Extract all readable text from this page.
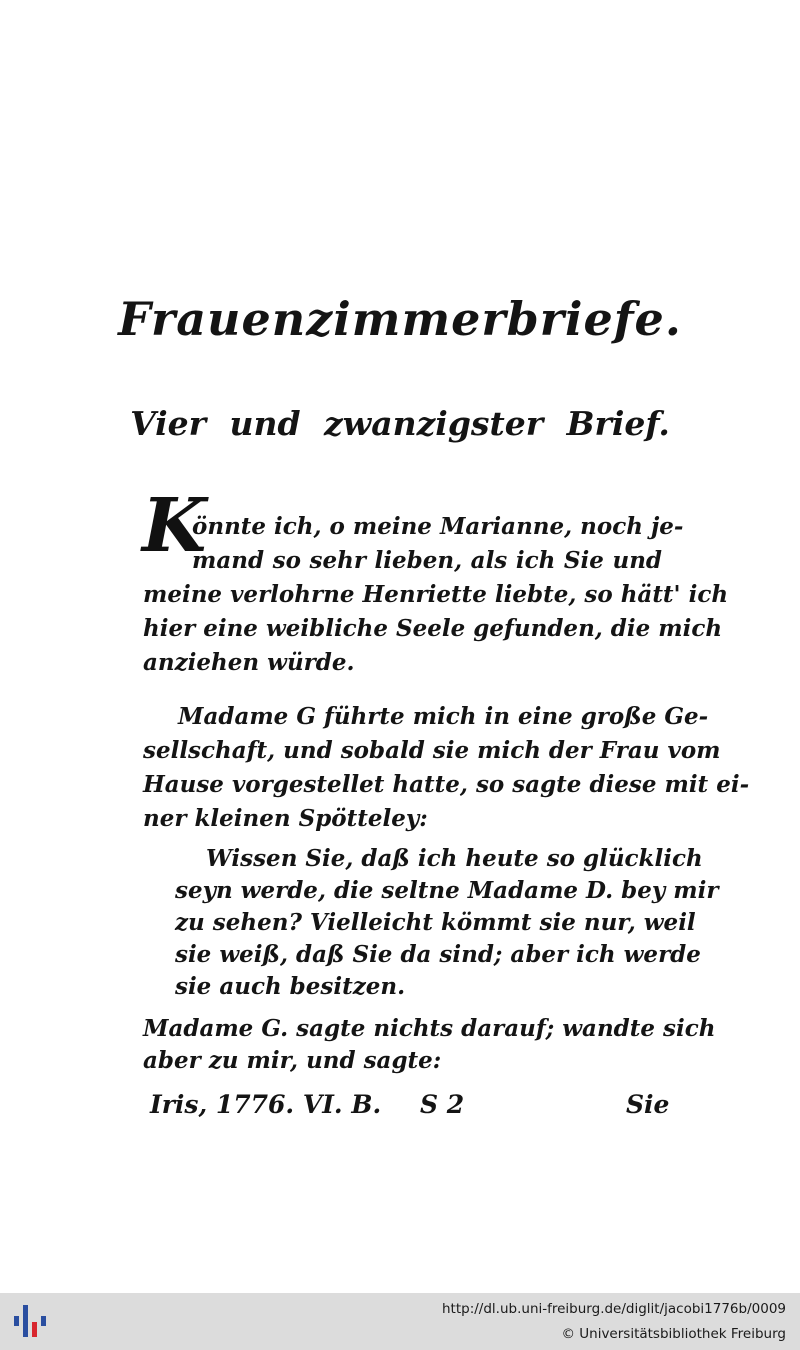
Frauenzimmerbriefe.
Vier und zwanzigster Brief.
K
önnte ich, o meine Marianne, noch je-
mand so sehr lieben, als ich Sie und
meine verlohrne Henriette liebte, so hätt' ich
hier eine weibliche Seele gefunden, die mich
anziehen würde.
Madame G führte mich in eine große Ge-
sellschaft, und sobald sie mich der Frau vom
Hause vorgestellet hatte, so sagte diese mit ei-
ner kleinen Spötteley:
Wissen Sie, daß ich heute so glücklich
seyn werde, die seltne Madame D. bey mir
zu sehen? Vielleicht kömmt sie nur, weil
sie weiß, daß Sie da sind; aber ich werde
sie auch besitzen.
Madame G. sagte nichts darauf; wandte sich
aber zu mir, und sagte:
Iris, 1776. VI. B. S 2	Sie
http://dl.ub.uni-freiburg.de/diglit/jacobi1776b/0009
© Universitätsbibliothek Freiburg
